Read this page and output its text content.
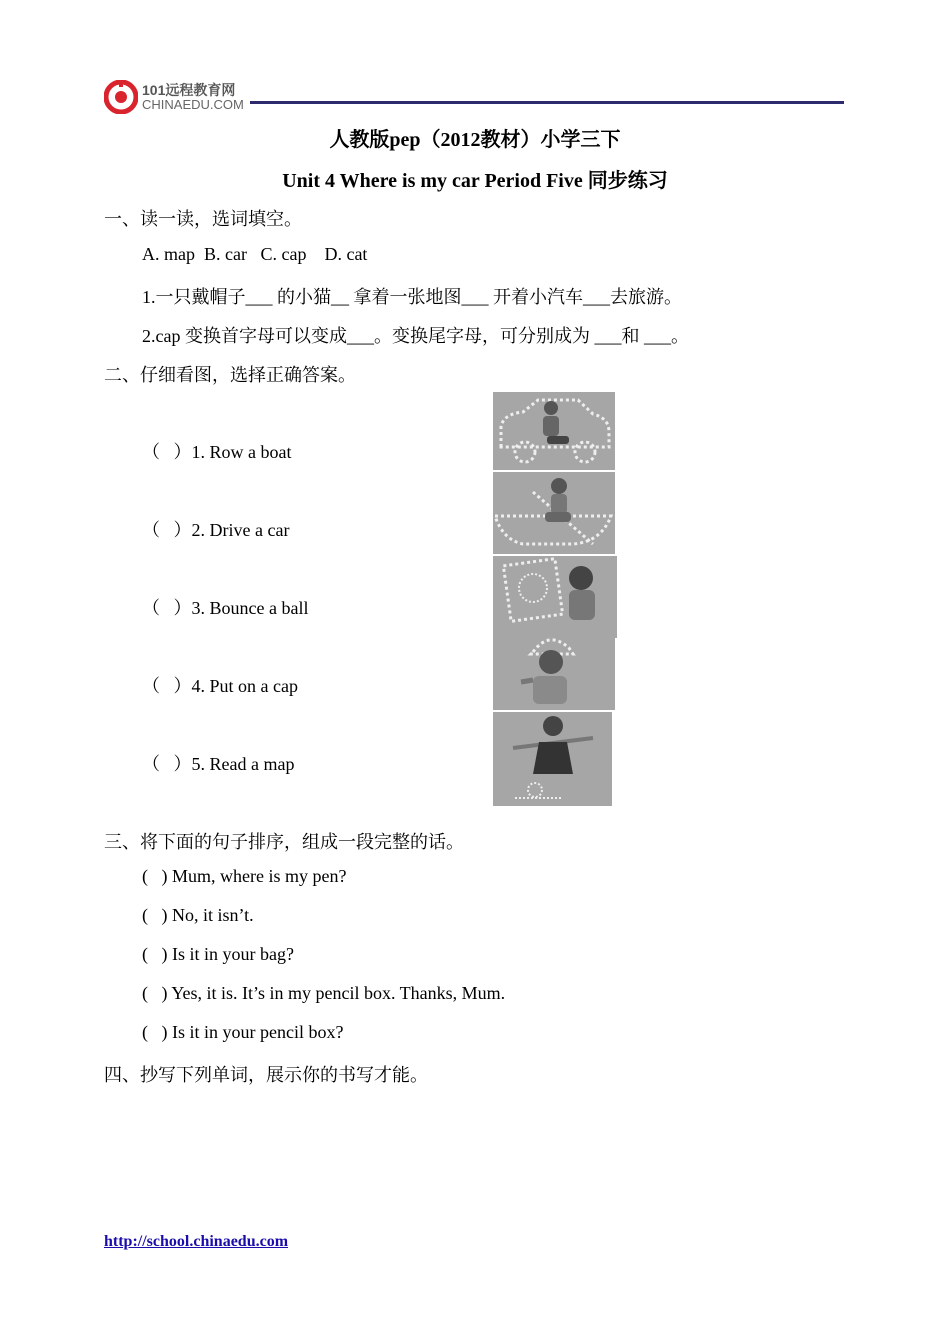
101远程教育网
CHINAEDU.COM
人教版pep（2012教材）小学三下
Unit 4 Where is my car Period Five 同步练习
一、读一读，选词填空。
A. map  B. car   C. cap    D. cat
1.一只戴帽子___ 的小猫__ 拿着一张地图___ 开着小汽车___去旅游。
2.cap 变换首字母可以变成___。变换尾字母，可分别成为 ___和 ___。
二、仔细看图，选择正确答案。
（   ）1. Row a boat
（   ）2. Drive a car
（   ）3. Bounce a ball
（   ）4. Put on a cap
（   ）5. Read a map
三、将下面的句子排序，组成一段完整的话。
(   ) Mum, where is my pen?
(   ) No, it isn’t.
(   ) Is it in your bag?
(   ) Yes, it is. It’s in my pencil box. Thanks, Mum.
(   ) Is it in your pencil box?
四、抄写下列单词，展示你的书写才能。
http://school.chinaedu.com
